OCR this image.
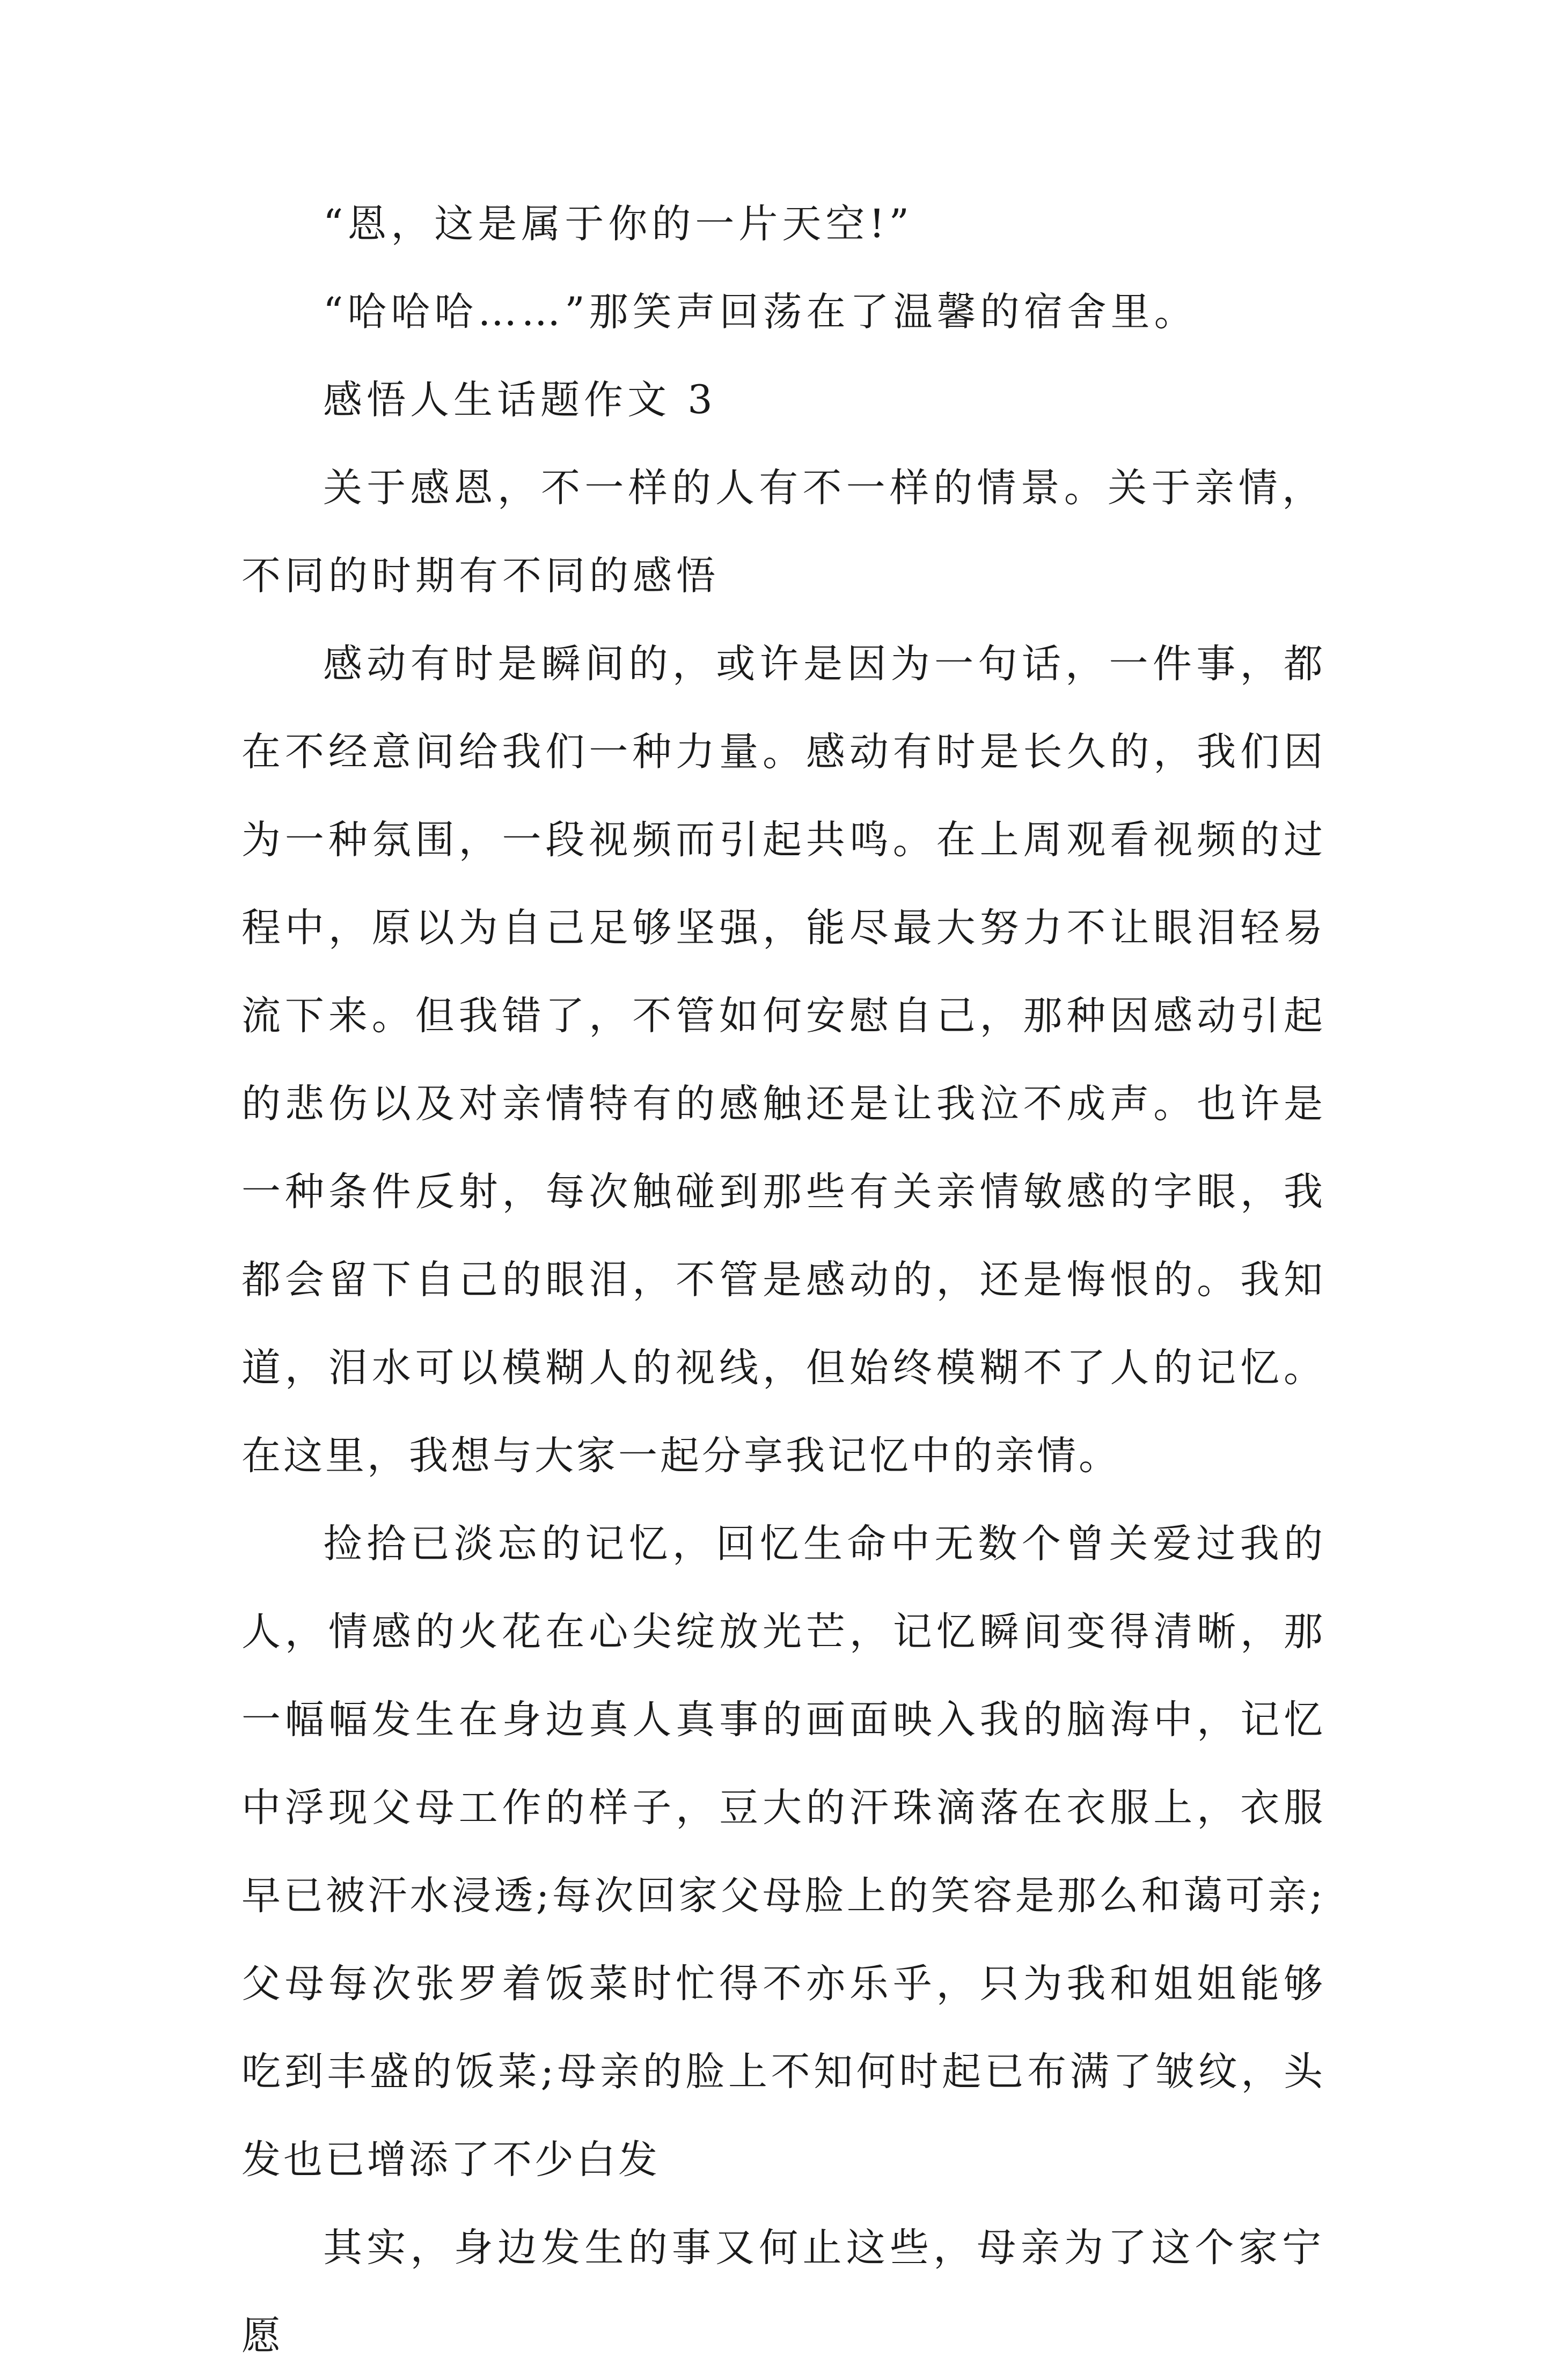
“恩，这是属于你的一片天空!”

“哈哈哈……”那笑声回荡在了温馨的宿舍里。

感悟人生话题作文 3

关于感恩，不一样的人有不一样的情景。关于亲情，不同的时期有不同的感悟

感动有时是瞬间的，或许是因为一句话，一件事，都在不经意间给我们一种力量。感动有时是长久的，我们因为一种氛围，一段视频而引起共鸣。在上周观看视频的过程中，原以为自己足够坚强，能尽最大努力不让眼泪轻易流下来。但我错了，不管如何安慰自己，那种因感动引起的悲伤以及对亲情特有的感触还是让我泣不成声。也许是一种条件反射，每次触碰到那些有关亲情敏感的字眼，我都会留下自己的眼泪，不管是感动的，还是悔恨的。我知道，泪水可以模糊人的视线，但始终模糊不了人的记忆。在这里，我想与大家一起分享我记忆中的亲情。

捡拾已淡忘的记忆，回忆生命中无数个曾关爱过我的人，情感的火花在心尖绽放光芒，记忆瞬间变得清晰，那一幅幅发生在身边真人真事的画面映入我的脑海中，记忆中浮现父母工作的样子，豆大的汗珠滴落在衣服上，衣服早已被汗水浸透;每次回家父母脸上的笑容是那么和蔼可亲;父母每次张罗着饭菜时忙得不亦乐乎，只为我和姐姐能够吃到丰盛的饭菜;母亲的脸上不知何时起已布满了皱纹，头发也已增添了不少白发

其实，身边发生的事又何止这些，母亲为了这个家宁愿
